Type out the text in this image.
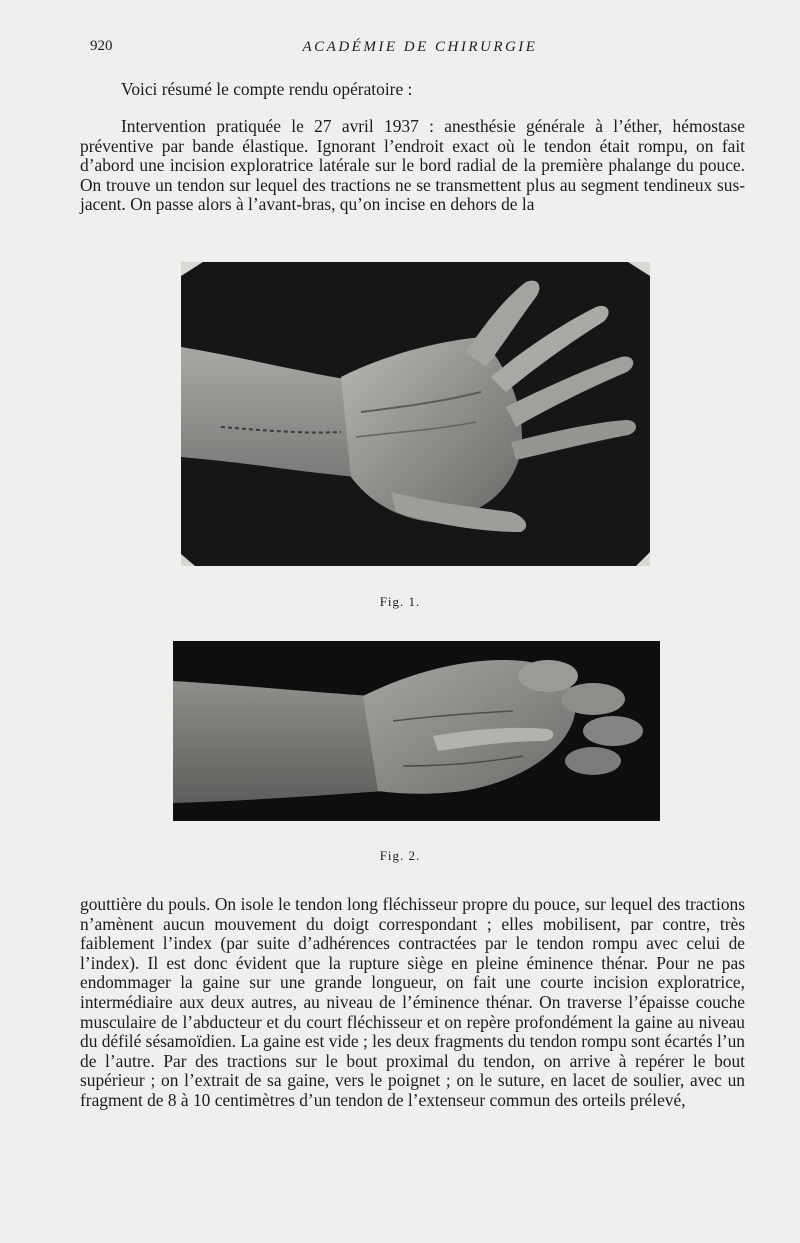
920	ACADÉMIE DE CHIRURGIE

Voici résumé le compte rendu opératoire :

Intervention pratiquée le 27 avril 1937 : anesthésie générale à l’éther, hémostase préventive par bande élastique. Ignorant l’endroit exact où le tendon était rompu, on fait d’abord une incision exploratrice latérale sur le bord radial de la première phalange du pouce. On trouve un tendon sur lequel des tractions ne se transmettent plus au segment tendineux sus-jacent. On passe alors à l’avant-bras, qu’on incise en dehors de la

Fig. 1.
Fig. 2.

gouttière du pouls. On isole le tendon long fléchisseur propre du pouce, sur lequel des tractions n’amènent aucun mouvement du doigt correspondant ; elles mobilisent, par contre, très faiblement l’index (par suite d’adhérences contractées par le tendon rompu avec celui de l’index). Il est donc évident que la rupture siège en pleine éminence thénar. Pour ne pas endommager la gaine sur une grande longueur, on fait une courte incision exploratrice, intermédiaire aux deux autres, au niveau de l’éminence thénar. On traverse l’épaisse couche musculaire de l’abducteur et du court fléchisseur et on repère profondément la gaine au niveau du défilé sésamoïdien. La gaine est vide ; les deux fragments du tendon rompu sont écartés l’un de l’autre. Par des tractions sur le bout proximal du tendon, on arrive à repérer le bout supérieur ; on l’extrait de sa gaine, vers le poignet ; on le suture, en lacet de soulier, avec un fragment de 8 à 10 centimètres d’un tendon de l’extenseur commun des orteils prélevé,
